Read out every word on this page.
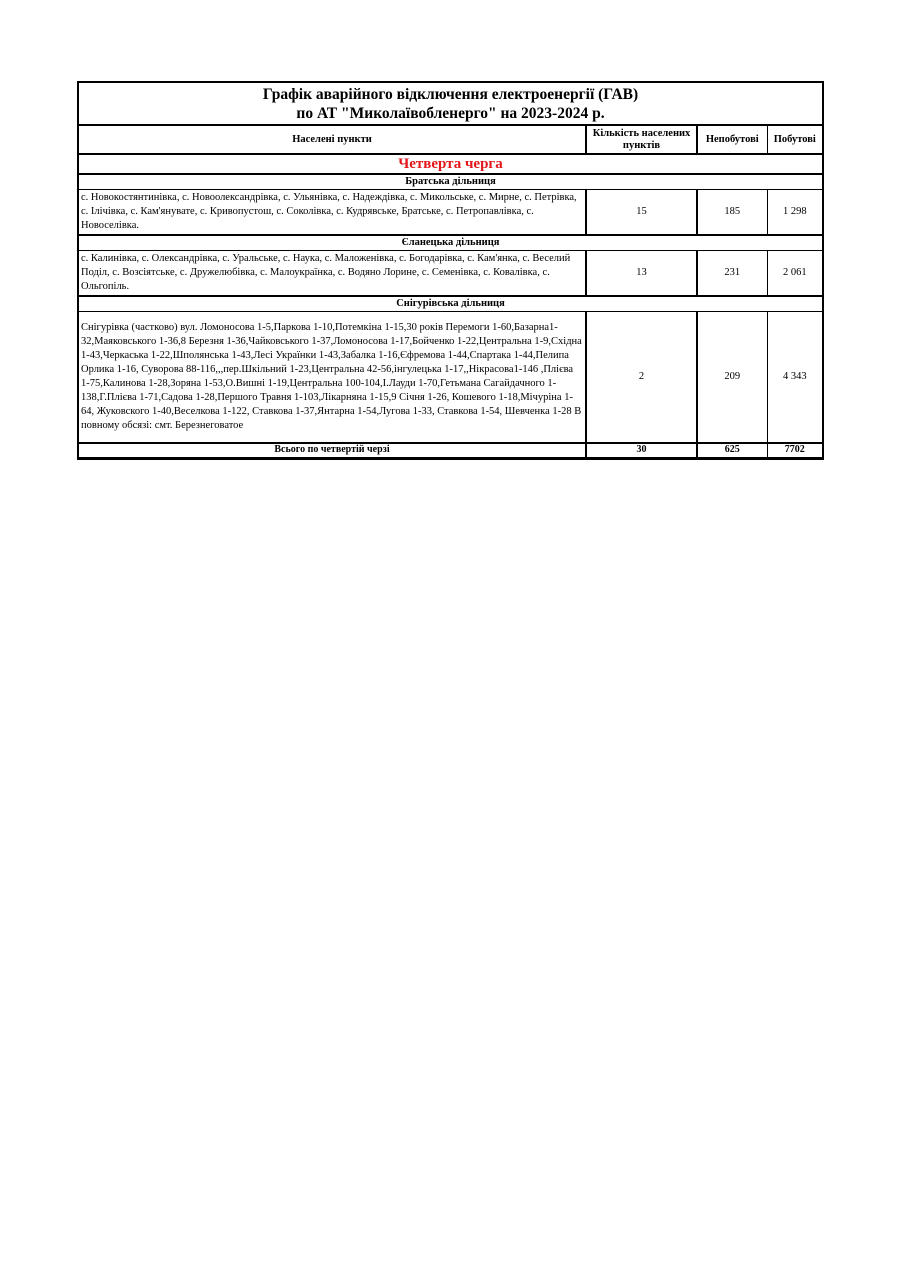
Графік аварійного відключення електроенергії (ГАВ)
по АТ "Миколаївобленерго" на 2023-2024 р.
Населені пункти	Кількість населених пунктів	Непобутові	Побутові
Четверта черга			
Братська дільниця			
с. Новокостянтинівка, с. Новоолександрівка, с. Ульянівка, с. Надеждівка, с. Микольське, с. Мирне, с. Петрівка, с. Ілічівка, с. Кам'януватe, с. Кривопустош, с. Соколівка, с. Кудрявське, Братське, с. Петропавлівка, с. Новоселівка.	15	185	1 298
Єланецька дільниця			
с. Калинівка, с. Олександрівка, с. Уральське, с. Наука, с. Маложенівка, с. Богодарівка, с. Кам'янка, с. Веселий Поділ, с. Возсіятське, с. Дружелюбівка, с. Малоукраїнка, с. Водяно Лорине, с. Семенівка, с. Ковалівка, с. Ольгопіль.	13	231	2 061
Снігурівська дільниця			
Снігурівка (частково) вул. Ломоносова 1-5,Паркова 1-10,Потемкіна 1-15,30 років Перемоги 1-60,Базарна1-32,Маяковського 1-36,8 Березня 1-36,Чайковського 1-37,Ломоносова 1-17,Бойченко 1-22,Центральна 1-9,Східна 1-43,Черкаська 1-22,Шполянська 1-43,Лесі Українки 1-43,Забалка 1-16,Єфремова 1-44,Спартака 1-44,Пелипа Орлика 1-16, Суворова 88-116,,,пер.Шкільний 1-23,Центральна 42-56,інгулецька 1-17,,Нікрасова1-146 ,Плієва 1-75,Калинова 1-28,Зоряна 1-53,О.Вишні 1-19,Центральна 100-104,І.Лауди 1-70,Гетьмана Сагайдачного 1-138,Г.Плієва 1-71,Садова 1-28,Першого Травня 1-103,Лікарняна 1-15,9 Січня 1-26, Кошевого 1-18,Мічуріна 1-64, Жуковского 1-40,Веселкова 1-122, Ставкова 1-37,Янтарна 1-54,Лугова 1-33, Ставкова 1-54, Шевченка 1-28 В повному обсязі: смт. Березнеговатое	2	209	4 343
Всього по четвертій черзі	30	625	7702
